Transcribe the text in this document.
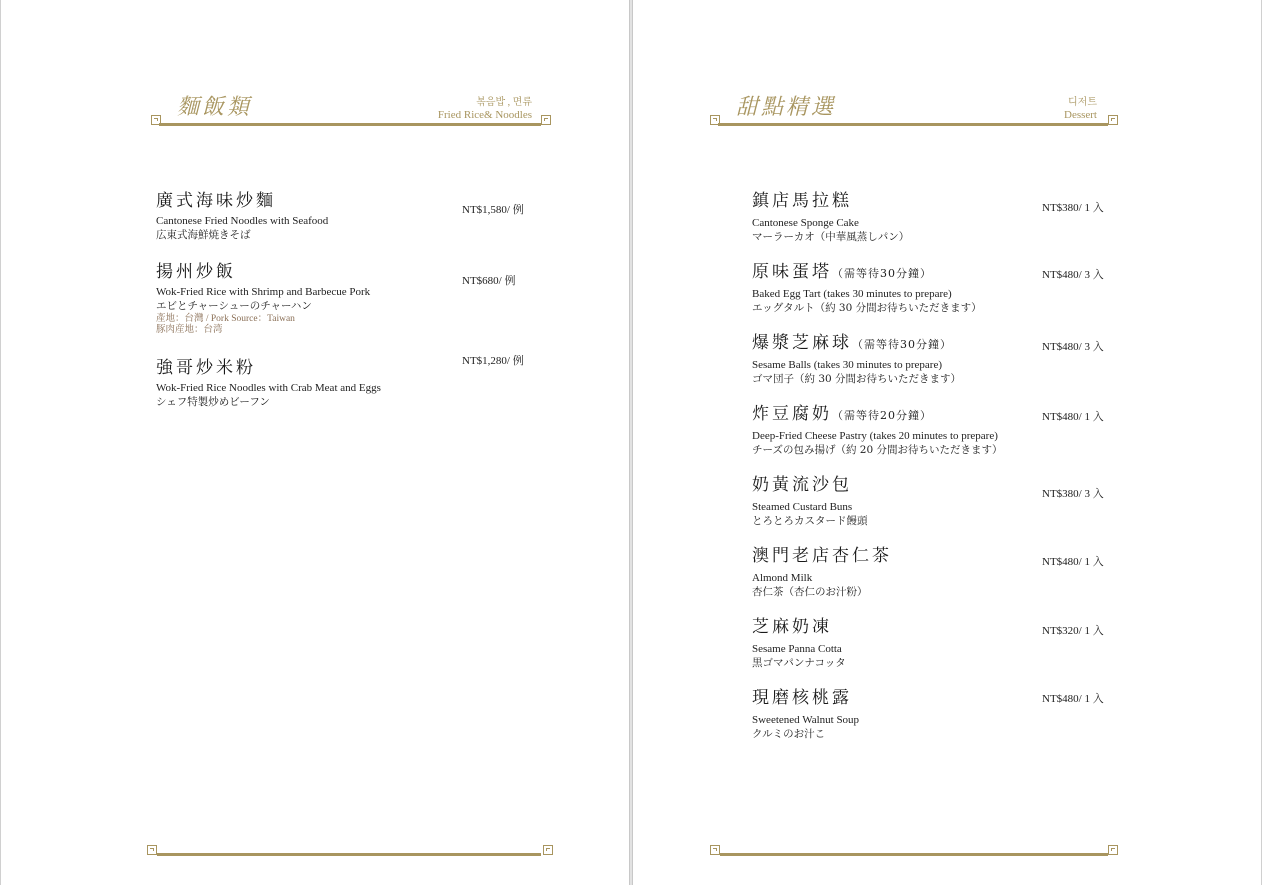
麵飯類	볶음밥 , 면류
Fried Rice& Noodles
廣式海味炒麵
Cantonese Fried Noodles with Seafood
広東式海鮮焼きそば
NT$1,580/ 例
揚州炒飯
Wok-Fried Rice with Shrimp and Barbecue Pork
エビとチャーシューのチャーハン
產地：台灣 / Pork Source：Taiwan
豚肉産地：台湾
NT$680/ 例
強哥炒米粉
Wok-Fried Rice Noodles with Crab Meat and Eggs
シェフ特製炒めビーフン
NT$1,280/ 例
甜點精選	디저트
Dessert
鎮店馬拉糕
Cantonese Sponge Cake
マーラーカオ（中華風蒸しパン）
NT$380/ 1 入
原味蛋塔（需等待30分鐘）
Baked Egg Tart (takes 30 minutes to prepare)
エッグタルト（約 30 分間お待ちいただきます）
NT$480/ 3 入
爆漿芝麻球（需等待30分鐘）
Sesame Balls (takes 30 minutes to prepare)
ゴマ団子（約 30 分間お待ちいただきます）
NT$480/ 3 入
炸豆腐奶（需等待20分鐘）
Deep-Fried Cheese Pastry (takes 20 minutes to prepare)
チーズの包み揚げ（約 20 分間お待ちいただきます）
NT$480/ 1 入
奶黃流沙包
Steamed Custard Buns
とろとろカスタード饅頭
NT$380/ 3 入
澳門老店杏仁茶
Almond Milk
杏仁茶（杏仁のお汁粉）
NT$480/ 1 入
芝麻奶凍
Sesame Panna Cotta
黒ゴマパンナコッタ
NT$320/ 1 入
現磨核桃露
Sweetened Walnut Soup
クルミのお汁こ
NT$480/ 1 入
